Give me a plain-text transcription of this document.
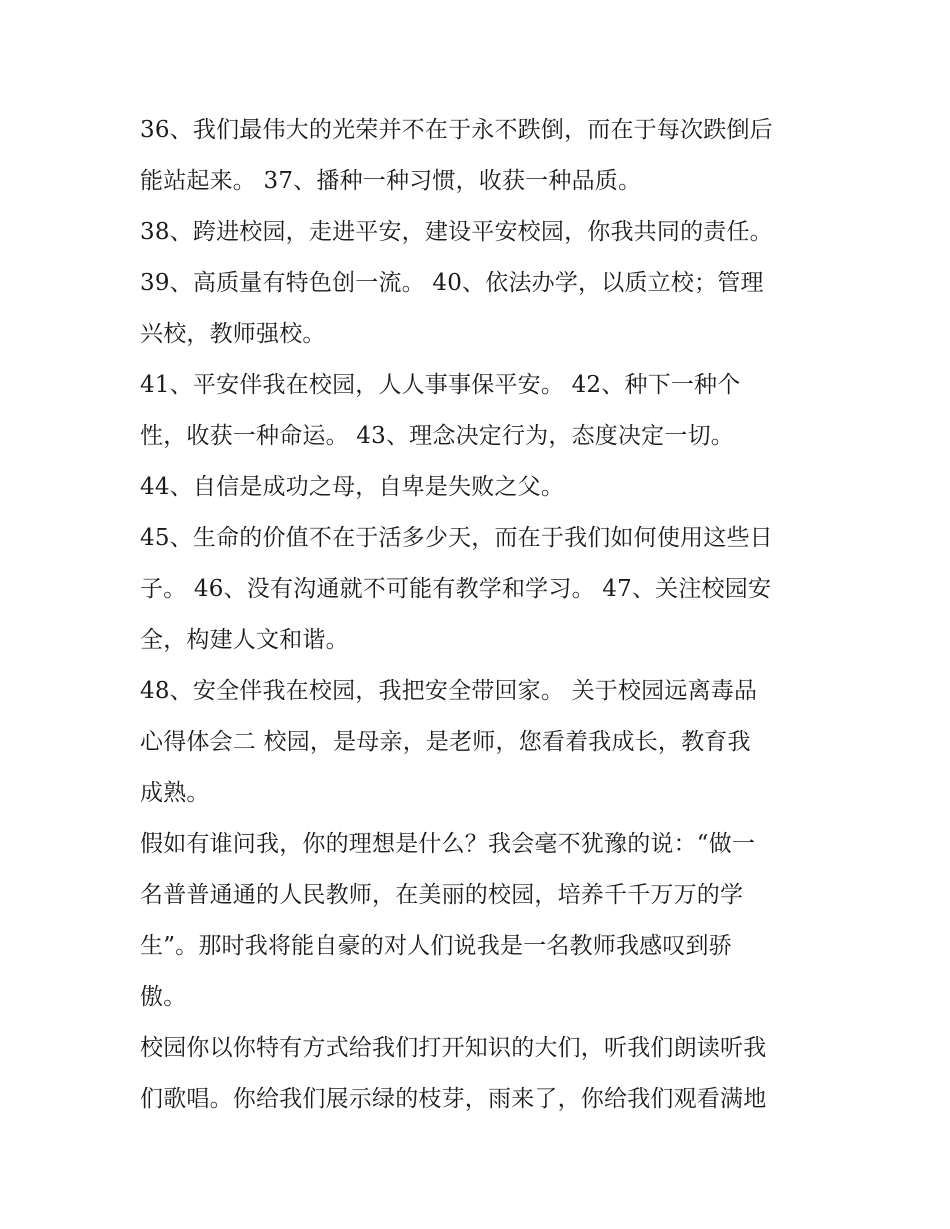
36、我们最伟大的光荣并不在于永不跌倒，而在于每次跌倒后
能站起来。 37、播种一种习惯，收获一种品质。
38、跨进校园，走进平安，建设平安校园，你我共同的责任。
39、高质量有特色创一流。 40、依法办学，以质立校；管理
兴校，教师强校。
41、平安伴我在校园，人人事事保平安。 42、种下一种个
性，收获一种命运。 43、理念决定行为，态度决定一切。
44、自信是成功之母，自卑是失败之父。
45、生命的价值不在于活多少天，而在于我们如何使用这些日
子。 46、没有沟通就不可能有教学和学习。 47、关注校园安
全，构建人文和谐。
48、安全伴我在校园，我把安全带回家。 关于校园远离毒品
心得体会二 校园，是母亲，是老师，您看着我成长，教育我
成熟。
假如有谁问我，你的理想是什么？我会毫不犹豫的说：“做一
名普普通通的人民教师，在美丽的校园，培养千千万万的学
生”。那时我将能自豪的对人们说我是一名教师我感叹到骄
傲。
校园你以你特有方式给我们打开知识的大们，听我们朗读听我
们歌唱。你给我们展示绿的枝芽，雨来了，你给我们观看满地
